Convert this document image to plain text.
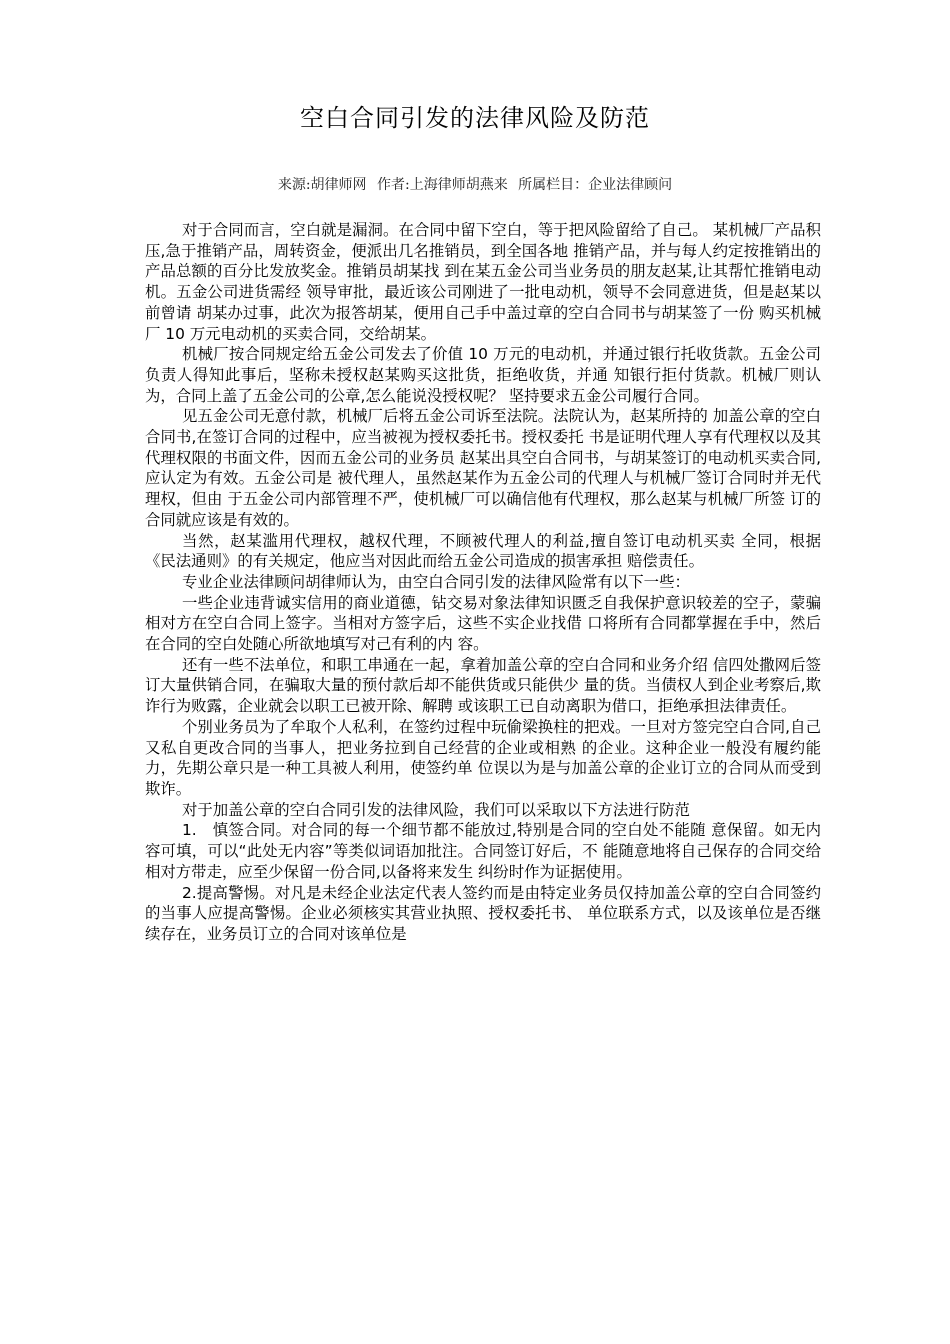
空白合同引发的法律风险及防范
来源:胡律师网 作者:上海律师胡燕来 所属栏目：企业法律顾问

对于合同而言，空白就是漏洞。在合同中留下空白，等于把风险留给了自己。 某机械厂产品积压,急于推销产品，周转资金，便派出几名推销员，到全国各地 推销产品，并与每人约定按推销出的产品总额的百分比发放奖金。推销员胡某找 到在某五金公司当业务员的朋友赵某,让其帮忙推销电动机。五金公司进货需经 领导审批，最近该公司刚进了一批电动机，领导不会同意进货，但是赵某以前曾请 胡某办过事，此次为报答胡某，便用自己手中盖过章的空白合同书与胡某签了一份 购买机械厂 10 万元电动机的买卖合同，交给胡某。

机械厂按合同规定给五金公司发去了价值 10 万元的电动机，并通过银行托收货款。五金公司负责人得知此事后，坚称未授权赵某购买这批货，拒绝收货，并通 知银行拒付货款。机械厂则认为，合同上盖了五金公司的公章,怎么能说没授权呢？ 坚持要求五金公司履行合同。

见五金公司无意付款，机械厂后将五金公司诉至法院。法院认为，赵某所持的 加盖公章的空白合同书,在签订合同的过程中，应当被视为授权委托书。授权委托 书是证明代理人享有代理权以及其代理权限的书面文件，因而五金公司的业务员 赵某出具空白合同书，与胡某签订的电动机买卖合同,应认定为有效。五金公司是 被代理人，虽然赵某作为五金公司的代理人与机械厂签订合同时并无代理权，但由 于五金公司内部管理不严，使机械厂可以确信他有代理权，那么赵某与机械厂所签 订的合同就应该是有效的。

当然，赵某滥用代理权，越权代理，不顾被代理人的利益,擅自签订电动机买卖 全同，根据《民法通则》的有关规定，他应当对因此而给五金公司造成的损害承担 赔偿责任。

专业企业法律顾问胡律师认为，由空白合同引发的法律风险常有以下一些：

一些企业违背诚实信用的商业道德，钻交易对象法律知识匮乏自我保护意识较差的空子，蒙骗相对方在空白合同上签字。当相对方签字后，这些不实企业找借 口将所有合同都掌握在手中，然后在合同的空白处随心所欲地填写对己有利的内 容。

还有一些不法单位，和职工串通在一起，拿着加盖公章的空白合同和业务介绍 信四处撒网后签订大量供销合同，在骗取大量的预付款后却不能供货或只能供少 量的货。当债权人到企业考察后,欺诈行为败露，企业就会以职工已被开除、解聘 或该职工已自动离职为借口，拒绝承担法律责任。

个别业务员为了牟取个人私利，在签约过程中玩偷梁换柱的把戏。一旦对方签完空白合同,自己又私自更改合同的当事人，把业务拉到自己经营的企业或相熟 的企业。这种企业一般没有履约能力，先期公章只是一种工具被人利用，使签约单 位误以为是与加盖公章的企业订立的合同从而受到欺诈。

对于加盖公章的空白合同引发的法律风险，我们可以采取以下方法进行防范

1.　慎签合同。对合同的每一个细节都不能放过,特别是合同的空白处不能随 意保留。如无内容可填，可以“此处无内容”等类似词语加批注。合同签订好后，不 能随意地将自己保存的合同交给相对方带走，应至少保留一份合同,以备将来发生 纠纷时作为证据使用。

2.提高警惕。对凡是未经企业法定代表人签约而是由特定业务员仅持加盖公章的空白合同签约的当事人应提高警惕。企业必须核实其营业执照、授权委托书、 单位联系方式，以及该单位是否继续存在，业务员订立的合同对该单位是
